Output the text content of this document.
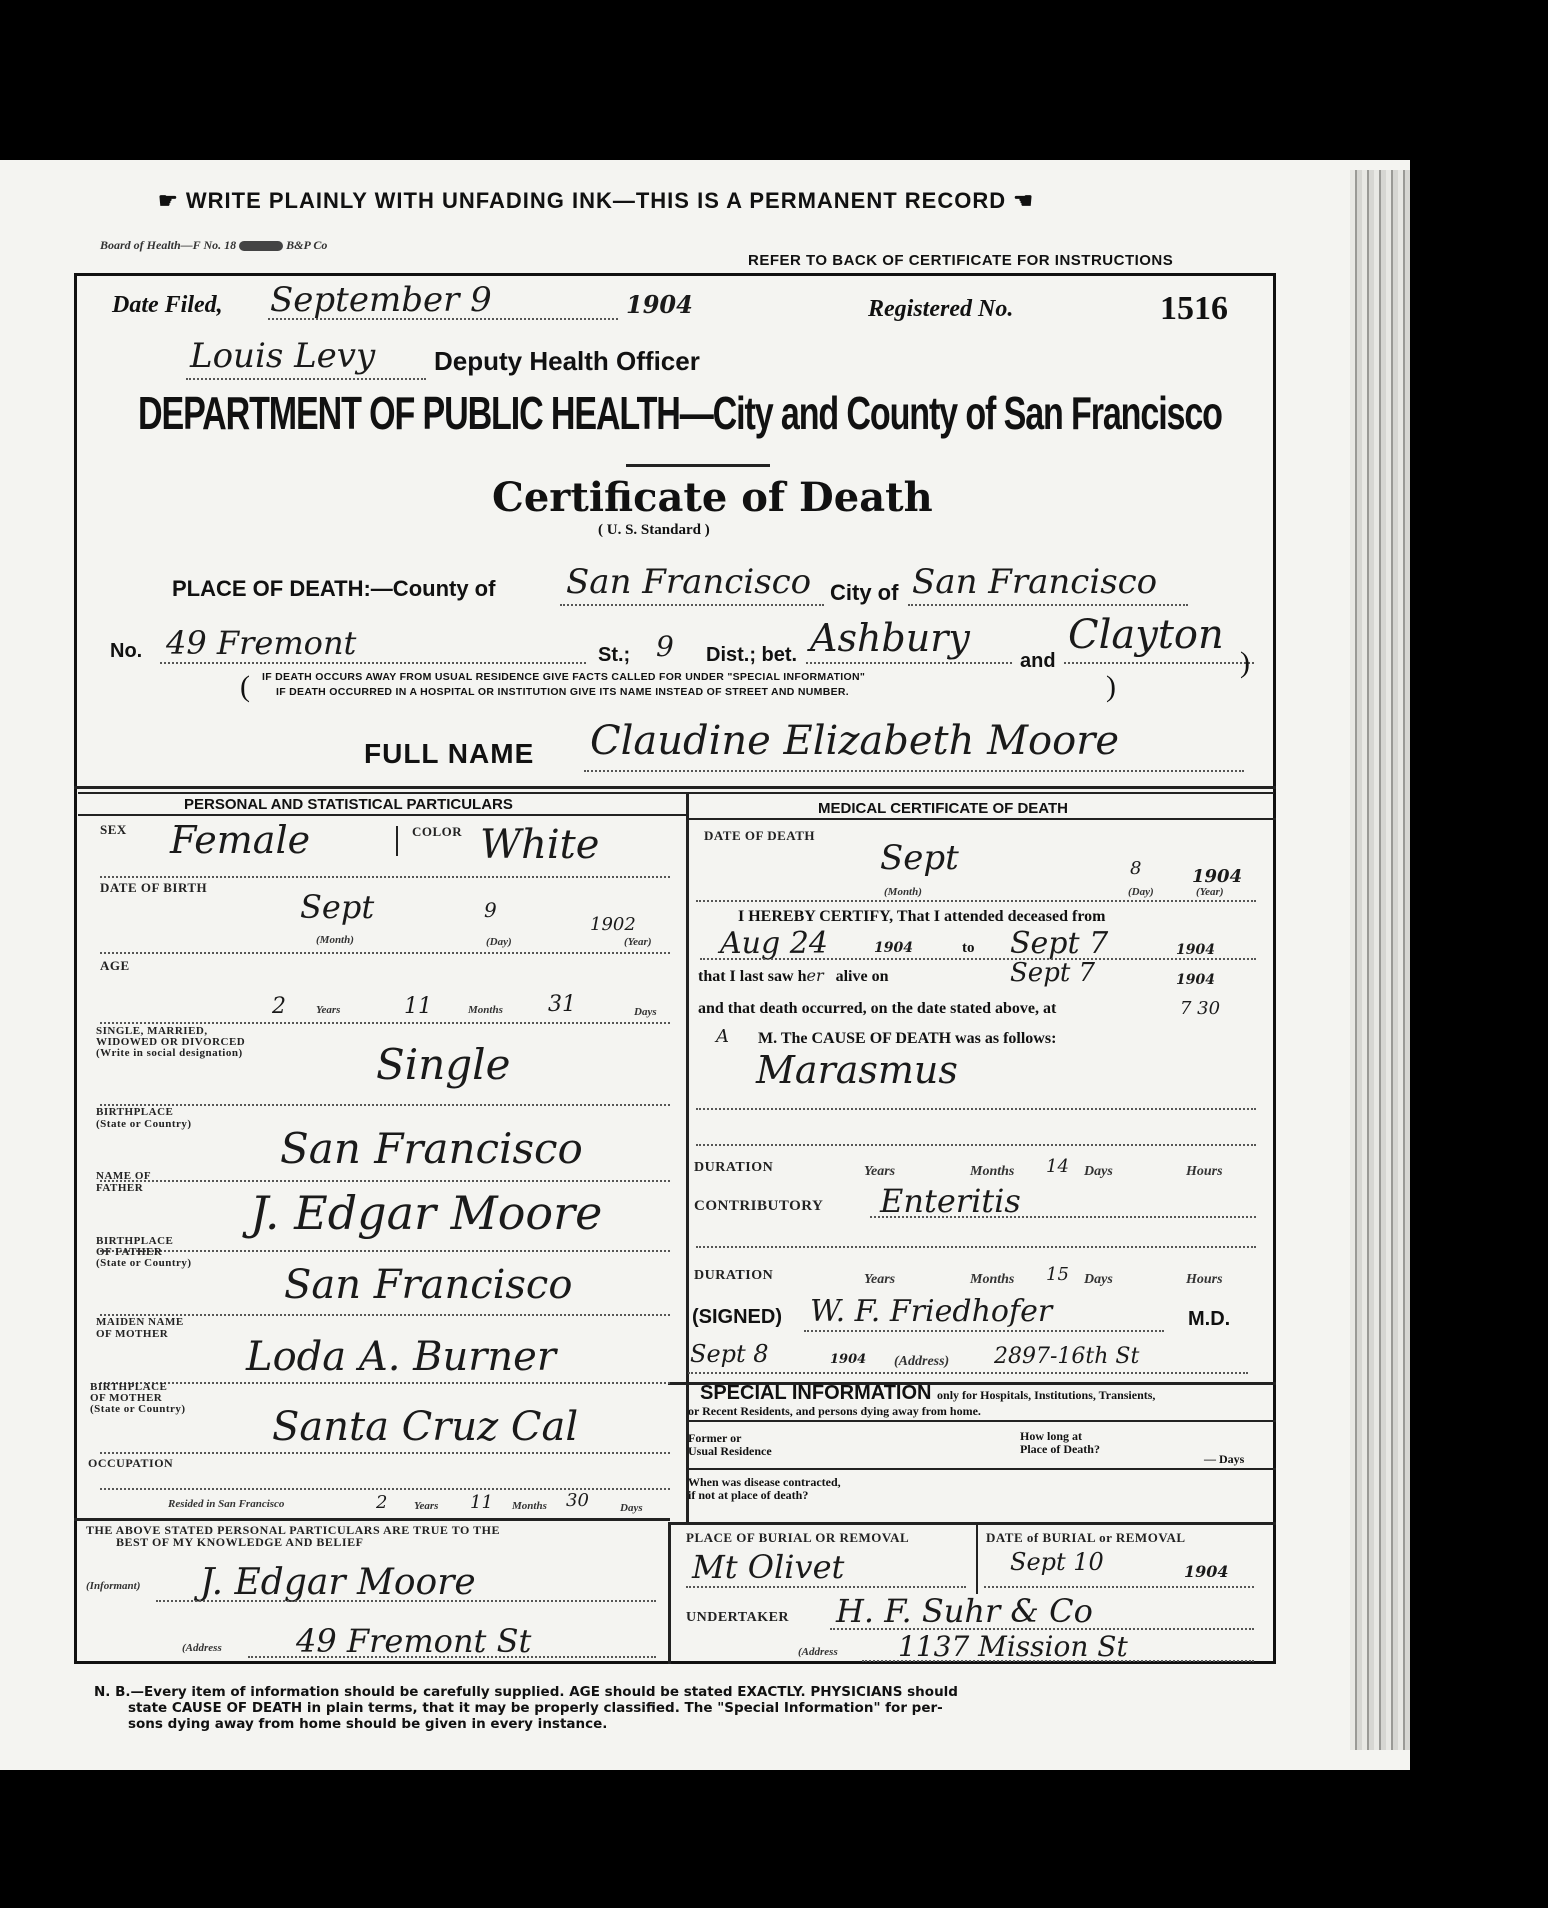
☛ WRITE PLAINLY WITH UNFADING INK—THIS IS A PERMANENT RECORD ☚
Board of Health—F No. 18	B&P Co
REFER TO BACK OF CERTIFICATE FOR INSTRUCTIONS
Date Filed, September 9	1904	Registered No.	1516
Louis Levy Deputy Health Officer
DEPARTMENT OF PUBLIC HEALTH—City and County of San Francisco
Certificate of Death
( U. S. Standard )
PLACE OF DEATH:—County of San Francisco City of San Francisco
No. 49 Fremont	St.; 9 Dist.; bet. Ashbury
and
Clayton
( IF DEATH OCCURS AWAY FROM USUAL RESIDENCE GIVE FACTS CALLED FOR UNDER "SPECIAL INFORMATION"
IF DEATH OCCURRED IN A HOSPITAL OR INSTITUTION GIVE ITS NAME INSTEAD OF STREET AND NUMBER.	)
)
FULL NAME Claudine Elizabeth Moore
PERSONAL AND STATISTICAL PARTICULARS
SEX Female	COLOR White
DATE OF BIRTH
Sept	9
1902
(Month)	(Day)	(Year)
AGE
2	Years	11	Months 31	Days
SINGLE, MARRIED,
WIDOWED OR DIVORCED
(Write in social designation)	Single
BIRTHPLACE
(State or Country) San Francisco
NAME OF
FATHER J. Edgar Moore
BIRTHPLACE
OF FATHER
(State or Country) San Francisco
MAIDEN NAME
OF MOTHER	Loda A. Burner
BIRTHPLACE
OF MOTHER
(State or Country) Santa Cruz Cal
OCCUPATION
Resided in San Francisco	2 Years 11 Months 30	Days
THE ABOVE STATED PERSONAL PARTICULARS ARE TRUE TO THE
BEST OF MY KNOWLEDGE AND BELIEF
(Informant) J. Edgar Moore
(Address 49 Fremont St
MEDICAL CERTIFICATE OF DEATH
DATE OF DEATH
Sept	8	1904
(Month)	(Day)	(Year)
I HEREBY CERTIFY, That I attended deceased from
Aug 24	1904	to Sept 7	1904
that I last saw her alive on	Sept 7	1904
and that death occurred, on the date stated above, at	7 30
A M. The CAUSE OF DEATH was as follows:
Marasmus
DURATION	Years	Months 14 Days	Hours
CONTRIBUTORY Enteritis
DURATION	Years	Months 15 Days	Hours
(SIGNED) W. F. Friedhofer	M.D.
Sept 8	1904 (Address) 2897-16th St
SPECIAL INFORMATION only for Hospitals, Institutions, Transients,
or Recent Residents, and persons dying away from home.
Former or
Usual Residence
How long at
Place of Death?
— Days
When was disease contracted,
if not at place of death?
PLACE OF BURIAL OR REMOVAL
Mt Olivet
DATE of BURIAL or REMOVAL
Sept 10	1904
UNDERTAKER H. F. Suhr & Co
(Address 1137 Mission St
N. B.—Every item of information should be carefully supplied. AGE should be stated EXACTLY. PHYSICIANS should
state CAUSE OF DEATH in plain terms, that it may be properly classified. The "Special Information" for per-
sons dying away from home should be given in every instance.
